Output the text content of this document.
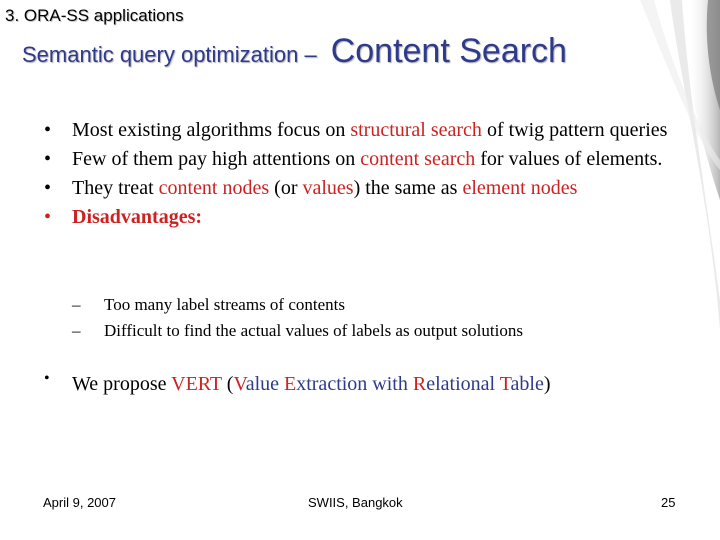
3. ORA-SS applications
Semantic query optimization – Content Search
• Most existing algorithms focus on structural search of twig pattern queries
• Few of them pay high attentions on content search for values of elements.
• They treat content nodes (or values) the same as element nodes
• Disadvantages:
– Too many label streams of contents
– Difficult to find the actual values of labels as output solutions
•	We propose VERT (Value Extraction with Relational Table)
April 9, 2007	SWIIS, Bangkok	25
